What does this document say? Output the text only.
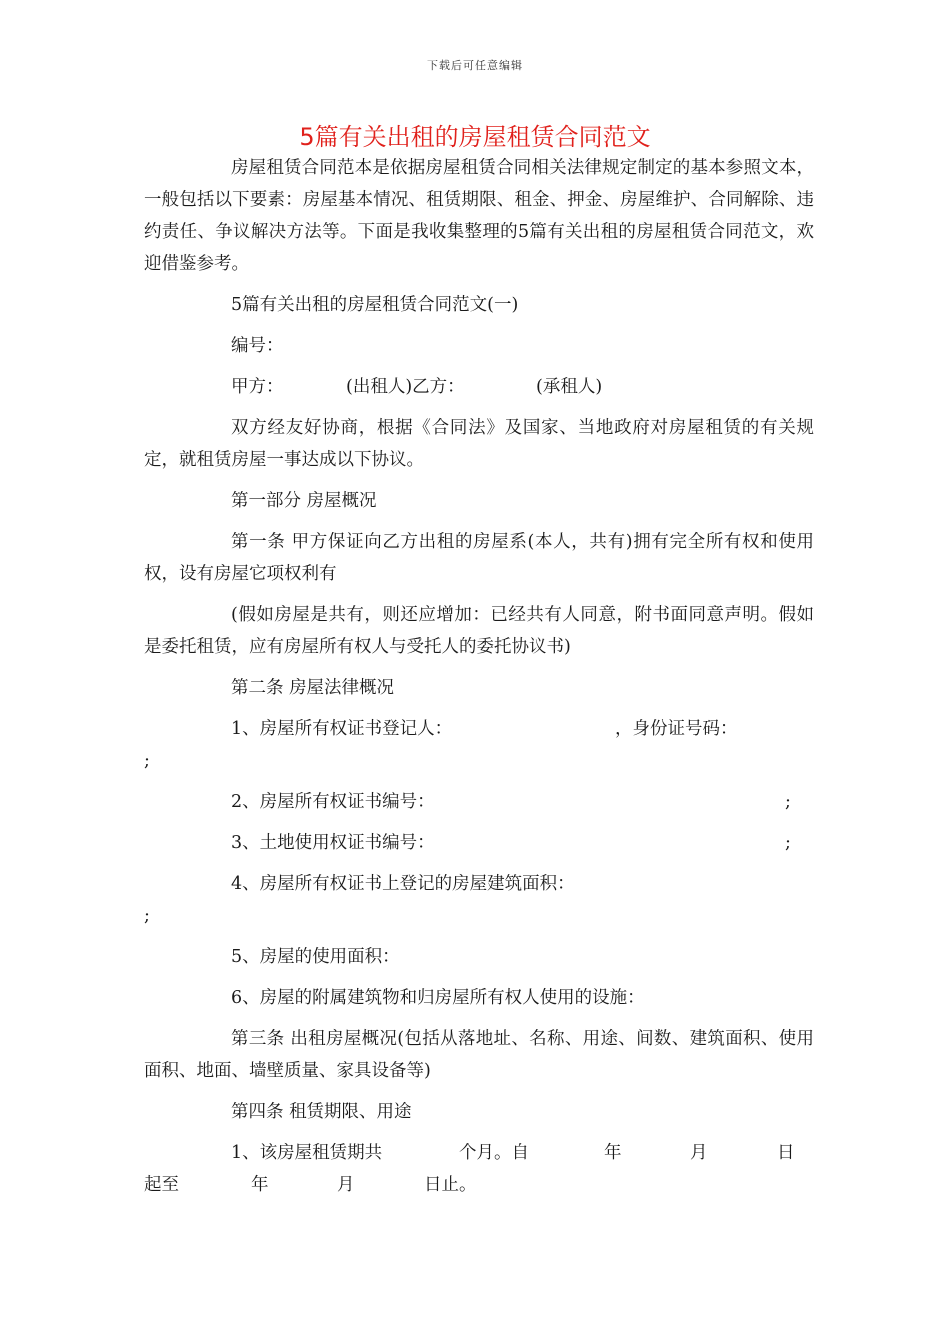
下载后可任意编辑
5篇有关出租的房屋租赁合同范文

房屋租赁合同范本是依据房屋租赁合同相关法律规定制定的基本参照文本，一般包括以下要素：房屋基本情况、租赁期限、租金、押金、房屋维护、合同解除、违约责任、争议解决方法等。下面是我收集整理的5篇有关出租的房屋租赁合同范文，欢迎借鉴参考。

5篇有关出租的房屋租赁合同范文(一)

编号：

甲方：	(出租人)乙方：	(承租人)

双方经友好协商，根据《合同法》及国家、当地政府对房屋租赁的有关规定，就租赁房屋一事达成以下协议。

第一部分 房屋概况

第一条 甲方保证向乙方出租的房屋系(本人，共有)拥有完全所有权和使用权，设有房屋它项权利有

(假如房屋是共有，则还应增加：已经共有人同意，附书面同意声明。假如是委托租赁，应有房屋所有权人与受托人的委托协议书)

第二条 房屋法律概况

1、房屋所有权证书登记人：	，身份证号码：
;
2、房屋所有权证书编号：	;
3、土地使用权证书编号：	;
4、房屋所有权证书上登记的房屋建筑面积：
;

5、房屋的使用面积：

6、房屋的附属建筑物和归房屋所有权人使用的设施：

第三条 出租房屋概况(包括从落地址、名称、用途、间数、建筑面积、使用面积、地面、墙壁质量、家具设备等)

第四条 租赁期限、用途

1、该房屋租赁期共	个月。自	年	月	日
起至	年	月	日止。
